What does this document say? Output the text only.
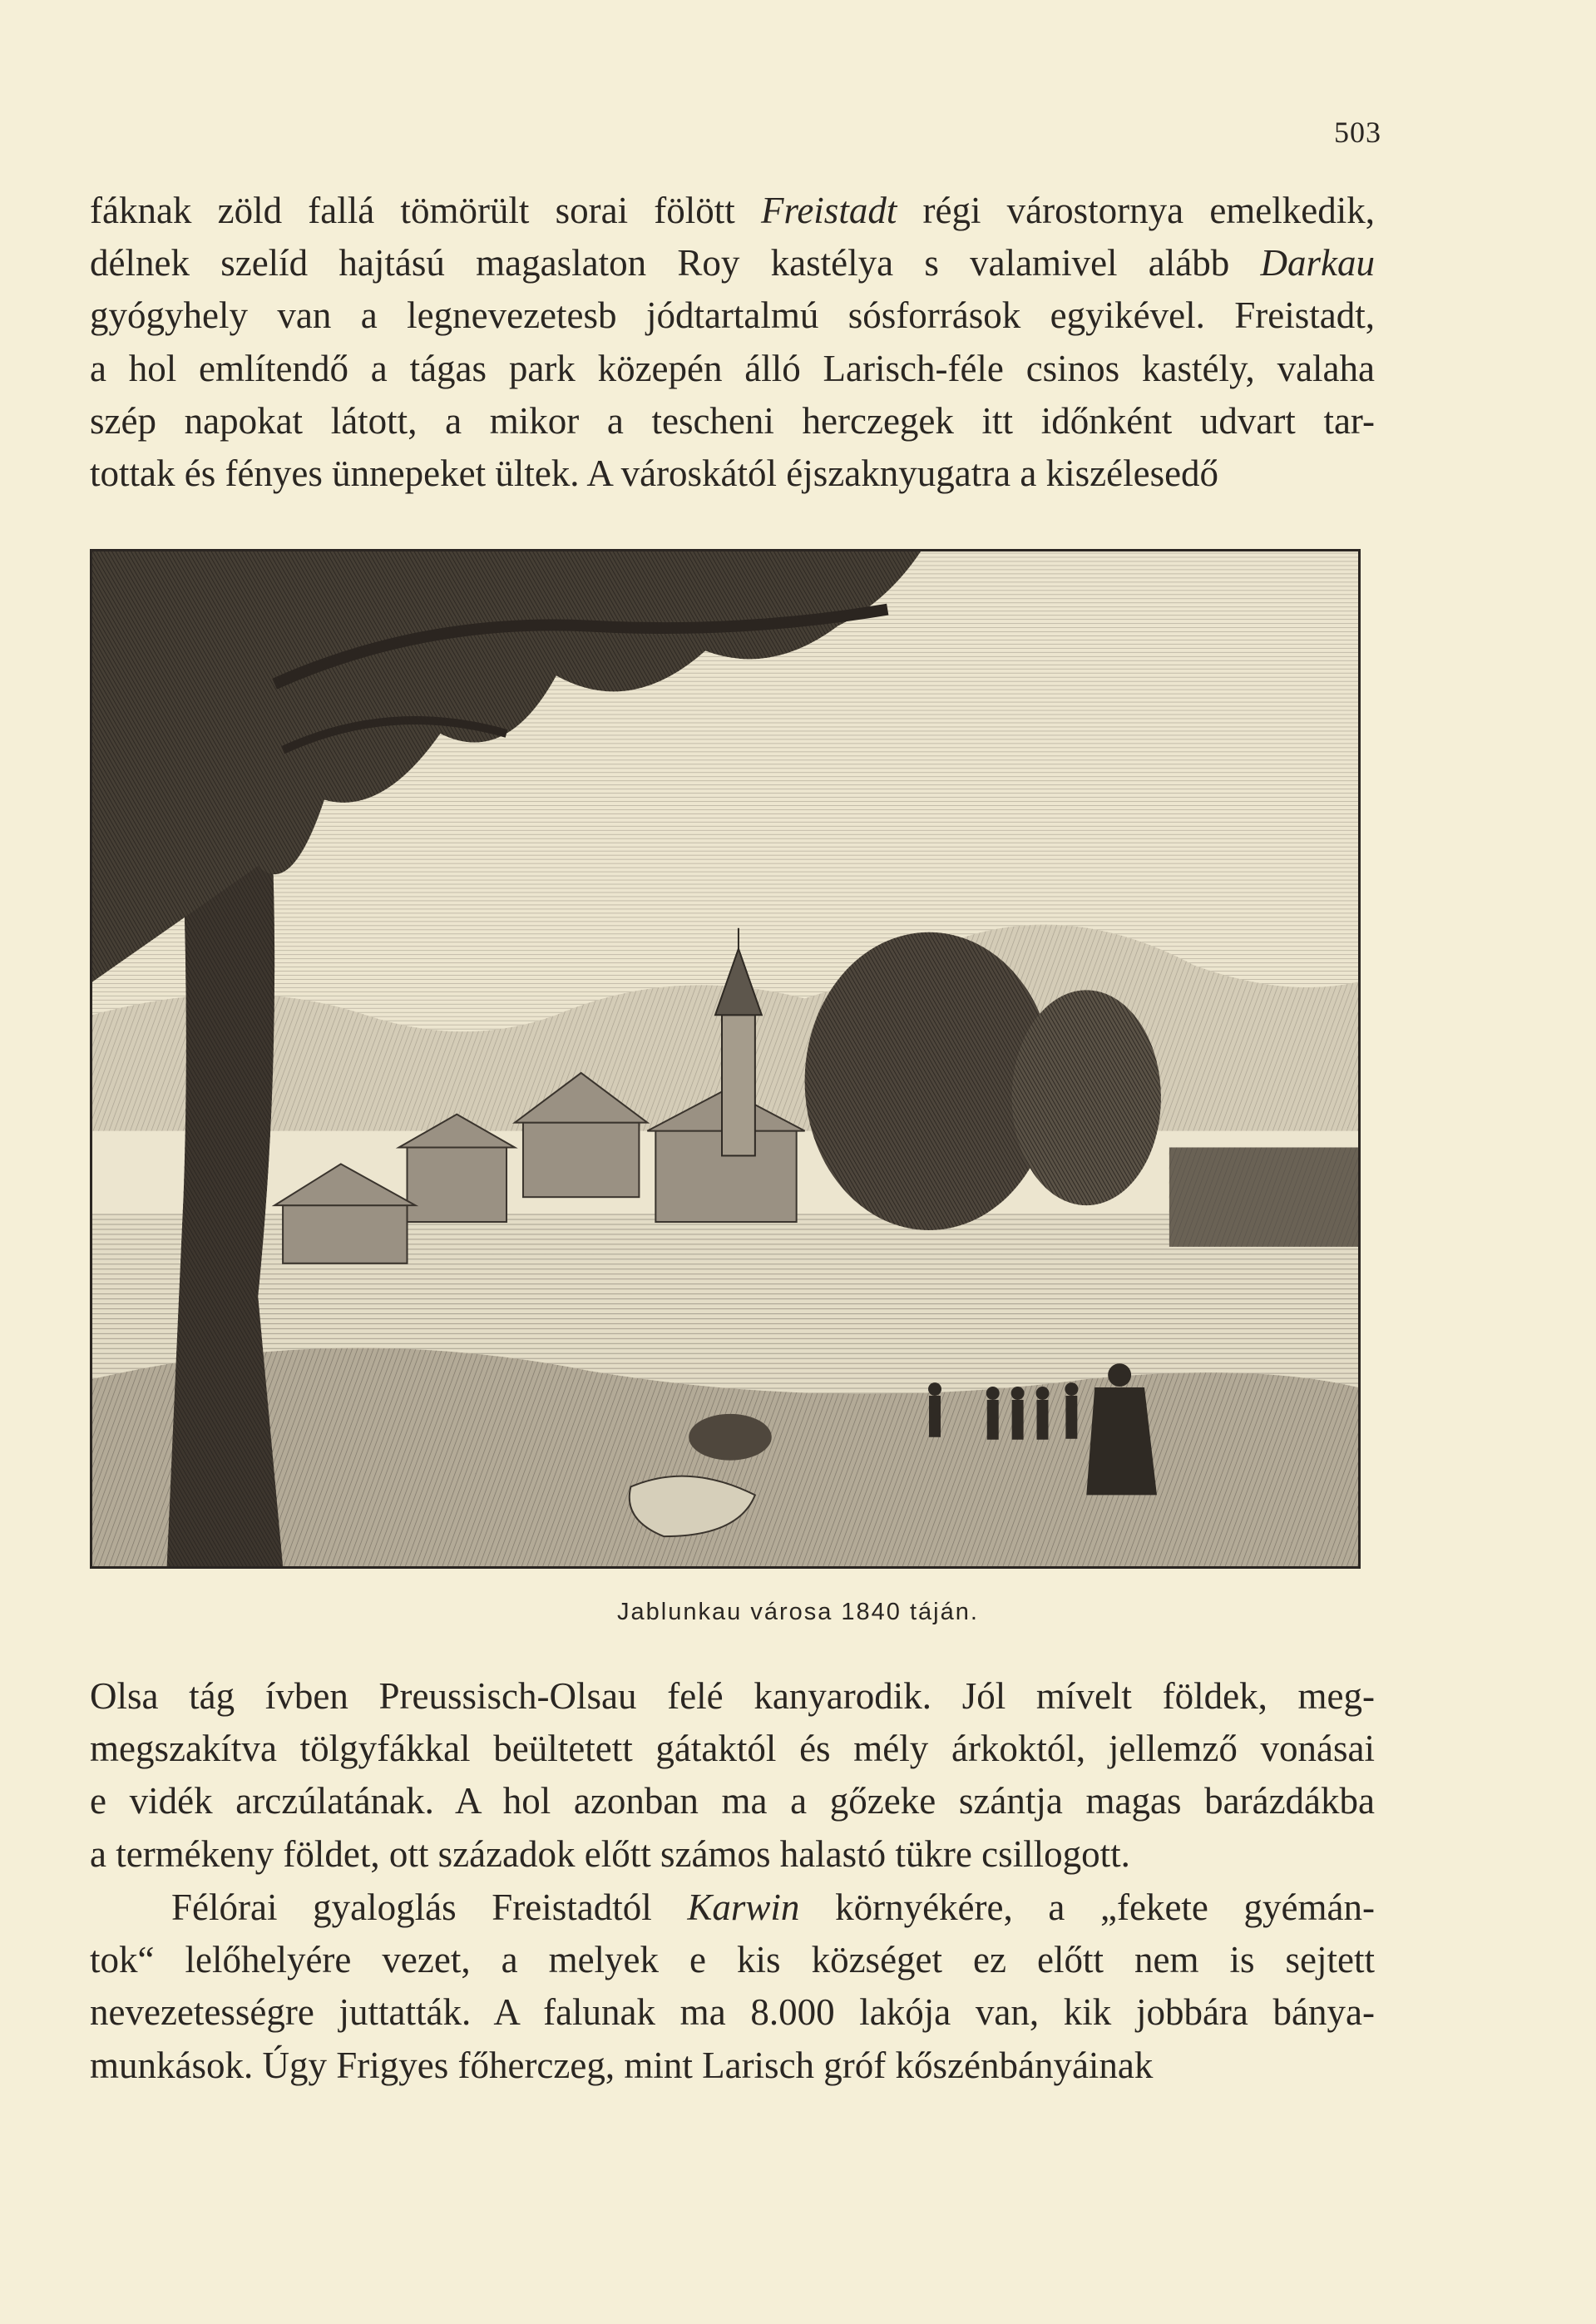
503

fáknak zöld fallá tömörült sorai fölött Freistadt régi várostornya emelkedik,
délnek szelíd hajtású magaslaton Roy kastélya s valamivel alább Darkau
gyógyhely van a legnevezetesb jódtartalmú sósforrások egyikével. Freistadt,
a hol említendő a tágas park közepén álló Larisch-féle csinos kastély, valaha
szép napokat látott, a mikor a tescheni herczegek itt időnként udvart tar-
tottak és fényes ünnepeket ültek. A városkától éjszaknyugatra a kiszélesedő

Jablunkau városa 1840 táján.

Olsa tág ívben Preussisch-Olsau felé kanyarodik. Jól mívelt földek, meg-
megszakítva tölgyfákkal beültetett gátaktól és mély árkoktól, jellemző vonásai
e vidék arczúlatának. A hol azonban ma a gőzeke szántja magas barázdákba
a termékeny földet, ott századok előtt számos halastó tükre csillogott.

Félórai gyaloglás Freistadtól Karwin környékére, a „fekete gyémán-
tok“ lelőhelyére vezet, a melyek e kis községet ez előtt nem is sejtett
nevezetességre juttatták. A falunak ma 8.000 lakója van, kik jobbára bánya-
munkások. Úgy Frigyes főherczeg, mint Larisch gróf kőszénbányáinak
